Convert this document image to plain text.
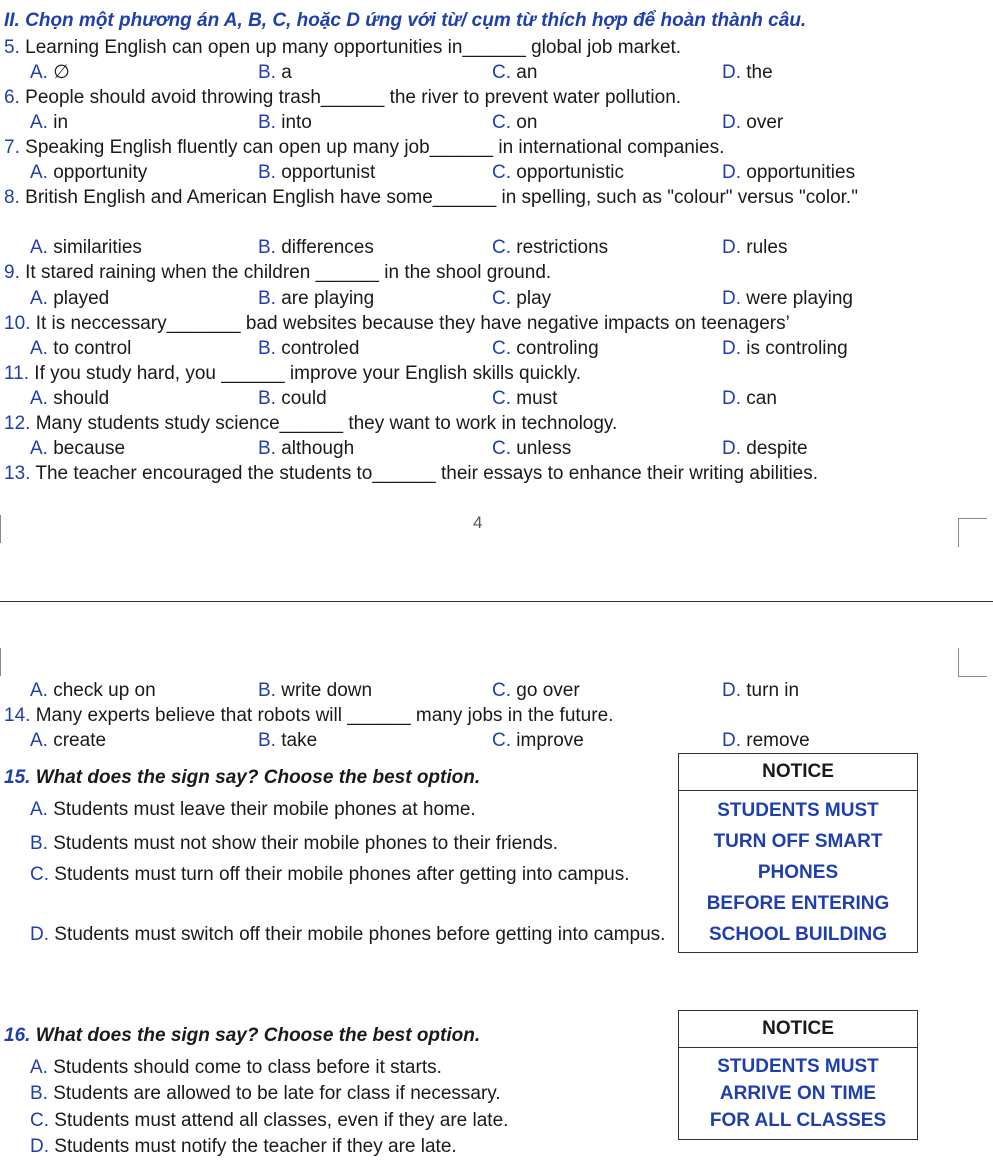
II. Chọn một phương án A, B, C, hoặc D ứng với từ/ cụm từ thích hợp để hoàn thành câu.
5. Learning English can open up many opportunities in______ global job market.
A. ∅	B. a	C. an	D. the
6. People should avoid throwing trash______ the river to prevent water pollution.
A. in	B. into	C. on	D. over
7. Speaking English fluently can open up many job______ in international companies.
A. opportunity	B. opportunist	C. opportunistic	D. opportunities
8. British English and American English have some______ in spelling, such as "colour" versus "color."
A. similarities	B. differences	C. restrictions	D. rules
9. It stared raining when the children ______ in the shool ground.
A. played	B. are playing	C. play	D. were playing
10. It is neccessary_______ bad websites because they have negative impacts on teenagers’
A. to control	B. controled	C. controling	D. is controling
11. If you study hard, you ______ improve your English skills quickly.
A. should	B. could	C. must	D. can
12. Many students study science______ they want to work in technology.
A. because	B. although	C. unless	D. despite
13. The teacher encouraged the students to______ their essays to enhance their writing abilities.
4
A. check up on	B. write down	C. go over	D. turn in
14. Many experts believe that robots will ______ many jobs in the future.
A. create	B. take	C. improve	D. remove
15. What does the sign say? Choose the best option.
A. Students must leave their mobile phones at home.
B. Students must not show their mobile phones to their friends.
C. Students must turn off their mobile phones after getting into campus.
D. Students must switch off their mobile phones before getting into campus.
NOTICE
STUDENTS MUST
TURN OFF SMART
PHONES
BEFORE ENTERING
SCHOOL BUILDING
16. What does the sign say? Choose the best option.
A. Students should come to class before it starts.
B. Students are allowed to be late for class if necessary.
C. Students must attend all classes, even if they are late.
D. Students must notify the teacher if they are late.
NOTICE
STUDENTS MUST
ARRIVE ON TIME
FOR ALL CLASSES
